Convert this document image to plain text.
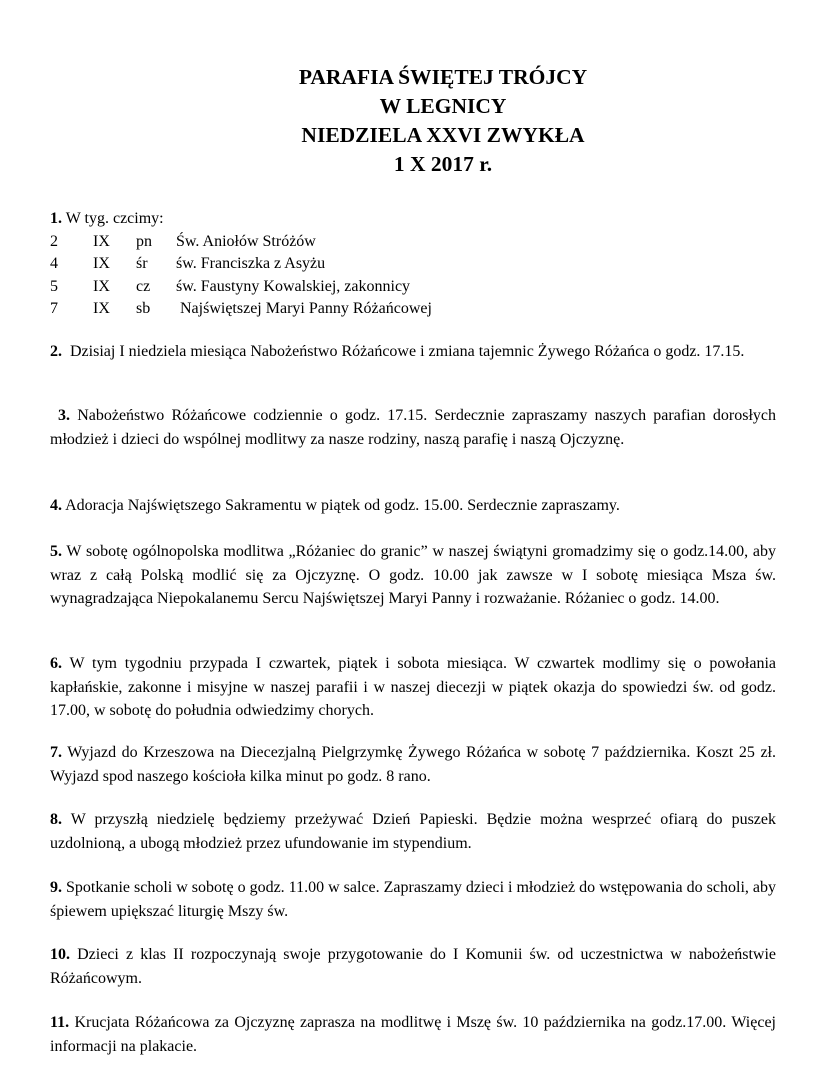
PARAFIA ŚWIĘTEJ TRÓJCY
W LEGNICY
NIEDZIELA XXVI ZWYKŁA
1 X 2017 r.
1. W tyg. czcimy:
2	IX	pn	Św. Aniołów Stróżów
4	IX	śr	św. Franciszka z Asyżu
5	IX	cz	św. Faustyny Kowalskiej, zakonnicy
7	IX	sb	Najświętszej Maryi Panny Różańcowej
2.  Dzisiaj I niedziela miesiąca Nabożeństwo Różańcowe i zmiana tajemnic Żywego Różańca o godz. 17.15.
3. Nabożeństwo Różańcowe codziennie o godz. 17.15. Serdecznie zapraszamy naszych parafian dorosłych młodzież i dzieci do wspólnej modlitwy za nasze rodziny, naszą parafię i naszą Ojczyznę.
4. Adoracja Najświętszego Sakramentu w piątek od godz. 15.00. Serdecznie zapraszamy.
5. W sobotę ogólnopolska modlitwa „Różaniec do granic” w naszej świątyni gromadzimy się o godz.14.00, aby wraz z całą Polską modlić się za Ojczyznę. O godz. 10.00 jak zawsze w I sobotę miesiąca Msza św. wynagradzająca Niepokalanemu Sercu Najświętszej Maryi Panny i rozważanie. Różaniec o godz. 14.00.
6. W tym tygodniu przypada I czwartek, piątek i sobota miesiąca. W czwartek modlimy się o powołania kapłańskie, zakonne i misyjne w naszej parafii i w naszej diecezji w piątek okazja do spowiedzi św. od godz. 17.00, w sobotę do południa odwiedzimy chorych.
7. Wyjazd do Krzeszowa na Diecezjalną Pielgrzymkę Żywego Różańca w sobotę 7 października. Koszt 25 zł. Wyjazd spod naszego kościoła kilka minut po godz. 8 rano.
8. W przyszłą niedzielę będziemy przeżywać Dzień Papieski. Będzie można wesprzeć ofiarą do puszek uzdolnioną, a ubogą młodzież przez ufundowanie im stypendium.
9. Spotkanie scholi w sobotę o godz. 11.00 w salce. Zapraszamy dzieci i młodzież do wstępowania do scholi, aby śpiewem upiększać liturgię Mszy św.
10. Dzieci z klas II rozpoczynają swoje przygotowanie do I Komunii św. od uczestnictwa w nabożeństwie Różańcowym.
11. Krucjata Różańcowa za Ojczyznę zaprasza na modlitwę i Mszę św. 10 października na godz.17.00. Więcej informacji na plakacie.
